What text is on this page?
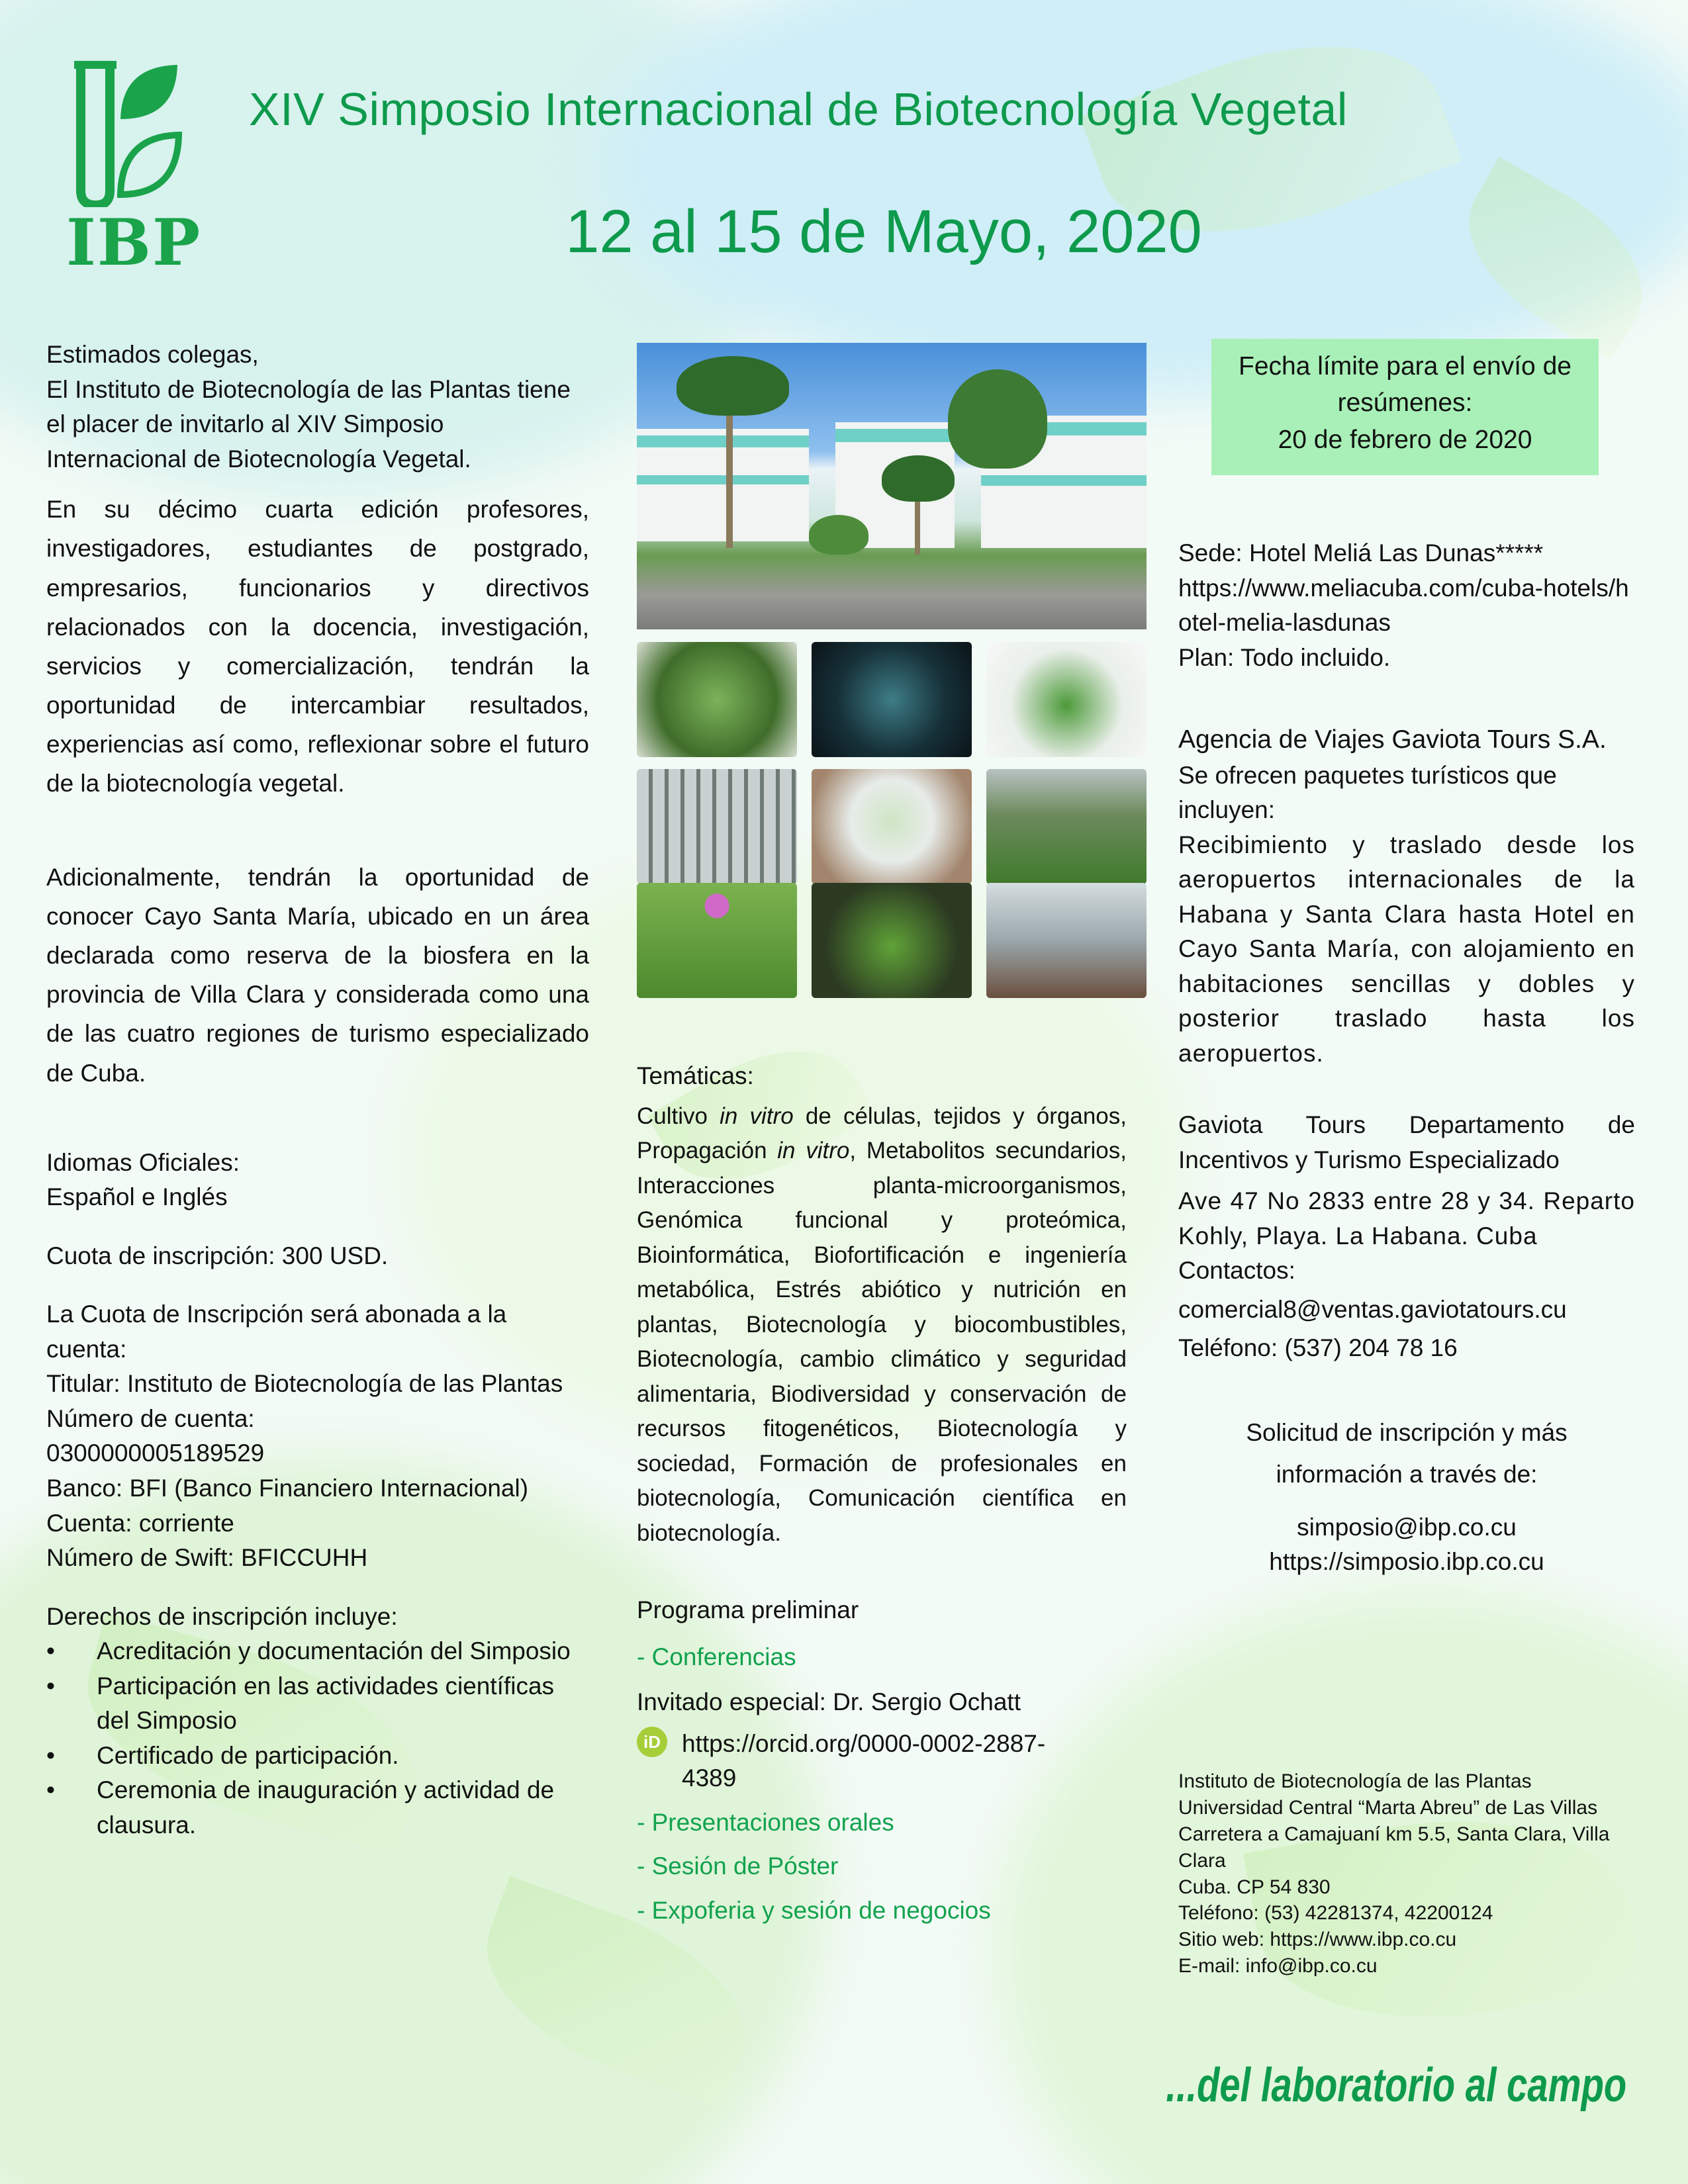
IBP
XIV Simposio Internacional de Biotecnología Vegetal
12 al 15 de Mayo, 2020

Estimados colegas,

El Instituto de Biotecnología de las Plantas tiene el placer de invitarlo al XIV Simposio Internacional de Biotecnología Vegetal.

En su décimo cuarta edición profesores, investigadores, estudiantes de postgrado, empresarios, funcionarios y directivos relacionados con la docencia, investigación, servicios y comercialización, tendrán la oportunidad de intercambiar resultados, experiencias así como, reflexionar sobre el futuro de la biotecnología vegetal.

Adicionalmente, tendrán la oportunidad de conocer Cayo Santa María, ubicado en un área declarada como reserva de la biosfera en la provincia de Villa Clara y considerada como una de las cuatro regiones de turismo especializado de Cuba.

Idiomas Oficiales:

Español e Inglés

Cuota de inscripción: 300 USD.

La Cuota de Inscripción será abonada a la cuenta:

Titular: Instituto de Biotecnología de las Plantas

Número de cuenta:

0300000005189529

Banco: BFI (Banco Financiero Internacional)

Cuenta: corriente

Número de Swift: BFICCUHH

Derechos de inscripción incluye:

• Acreditación y documentación del Simposio
• Participación en las actividades científicas del Simposio
• Certificado de participación.
• Ceremonia de inauguración y actividad de clausura.

Temáticas:

Cultivo in vitro de células, tejidos y órganos, Propagación in vitro, Metabolitos secundarios, Interacciones planta-microorganismos, Genómica funcional y proteómica, Bioinformática, Biofortificación e ingeniería metabólica, Estrés abiótico y nutrición en plantas, Biotecnología y biocombustibles, Biotecnología, cambio climático y seguridad alimentaria, Biodiversidad y conservación de recursos fitogenéticos, Biotecnología y sociedad, Formación de profesionales en biotecnología, Comunicación científica en biotecnología.

Programa preliminar

- Conferencias

Invitado especial: Dr. Sergio Ochatt

iD https://orcid.org/0000-0002-2887-4389

- Presentaciones orales

- Sesión de Póster

- Expoferia y sesión de negocios

Fecha límite para el envío de resúmenes:
20 de febrero de 2020

Sede: Hotel Meliá Las Dunas*****

https://www.meliacuba.com/cuba-hotels/hotel-melia-lasdunas

Plan: Todo incluido.

Agencia de Viajes Gaviota Tours S.A.

Se ofrecen paquetes turísticos que incluyen:

Recibimiento y traslado desde los aeropuertos internacionales de la Habana y Santa Clara hasta Hotel en Cayo Santa María, con alojamiento en habitaciones sencillas y dobles y posterior traslado hasta los aeropuertos.

Gaviota Tours Departamento de Incentivos y Turismo Especializado

Ave 47 No 2833 entre 28 y 34. Reparto Kohly, Playa. La Habana. Cuba

Contactos:

comercial8@ventas.gaviotatours.cu

Teléfono: (537) 204 78 16

Solicitud de inscripción y más información a través de:

simposio@ibp.co.cu

https://simposio.ibp.co.cu

Instituto de Biotecnología de las Plantas
Universidad Central “Marta Abreu” de Las Villas
Carretera a Camajuaní km 5.5, Santa Clara, Villa Clara
Cuba. CP 54 830
Teléfono: (53) 42281374, 42200124
Sitio web: https://www.ibp.co.cu
E-mail: info@ibp.co.cu
...del laboratorio al campo
